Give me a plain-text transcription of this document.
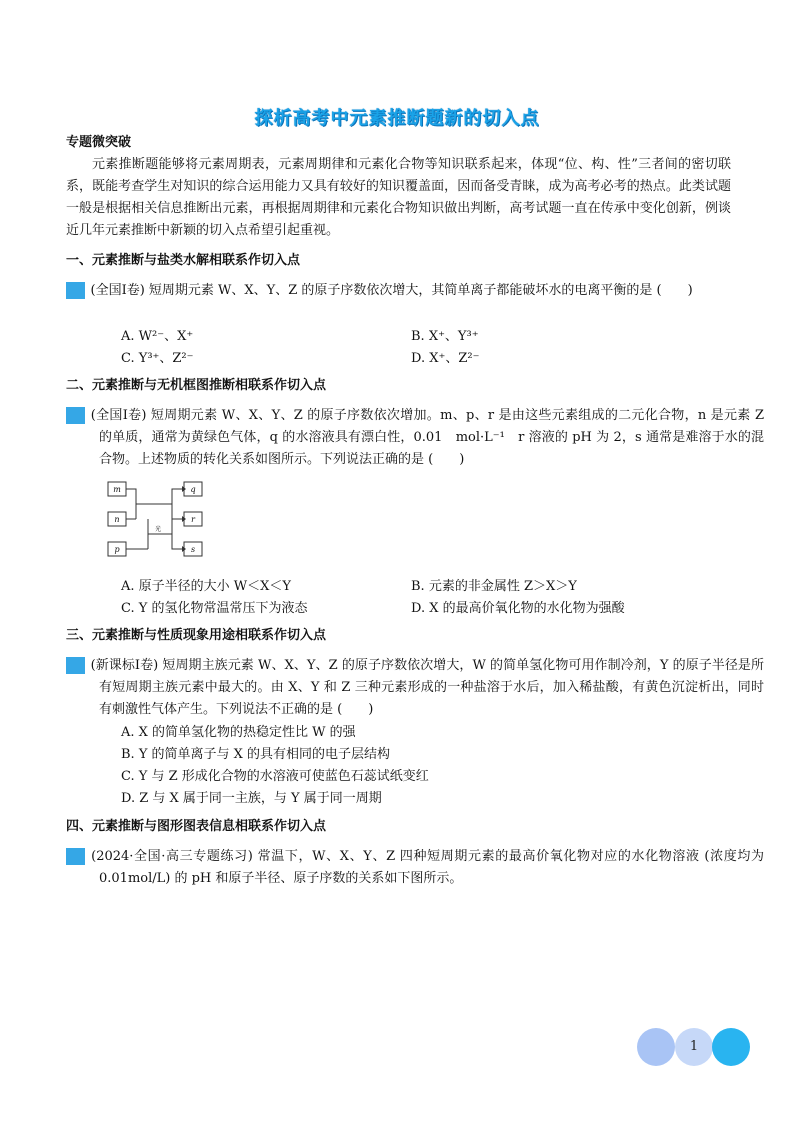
探析高考中元素推断题新的切入点
专题微突破
元素推断题能够将元素周期表，元素周期律和元素化合物等知识联系起来，体现“位、构、性”三者间的密切联系，既能考查学生对知识的综合运用能力又具有较好的知识覆盖面，因而备受青睐，成为高考必考的热点。此类试题一般是根据相关信息推断出元素，再根据周期律和元素化合物知识做出判断，高考试题一直在传承中变化创新，例谈近几年元素推断中新颖的切入点希望引起重视。
一、元素推断与盐类水解相联系作切入点
例 1 (全国Ⅰ卷) 短周期元素 W、X、Y、Z 的原子序数依次增大，其简单离子都能破坏水的电离平衡的是 (　　)
A. W²⁻、X⁺	B. X⁺、Y³⁺
C. Y³⁺、Z²⁻	D. X⁺、Z²⁻
二、元素推断与无机框图推断相联系作切入点
例 2 (全国Ⅰ卷) 短周期元素 W、X、Y、Z 的原子序数依次增加。m、p、r 是由这些元素组成的二元化合物，n 是元素 Z 的单质，通常为黄绿色气体，q 的水溶液具有漂白性，0.01　mol·L⁻¹　r 溶液的 pH 为 2，s 通常是难溶于水的混合物。上述物质的转化关系如图所示。下列说法正确的是 (　　)
m
n
p
q
r
s
光
A. 原子半径的大小 W＜X＜Y	B. 元素的非金属性 Z＞X＞Y
C. Y 的氢化物常温常压下为液态	D. X 的最高价氧化物的水化物为强酸
三、元素推断与性质现象用途相联系作切入点
例 3 (新课标Ⅰ卷) 短周期主族元素 W、X、Y、Z 的原子序数依次增大，W 的简单氢化物可用作制冷剂，Y 的原子半径是所有短周期主族元素中最大的。由 X、Y 和 Z 三种元素形成的一种盐溶于水后，加入稀盐酸，有黄色沉淀析出，同时有刺激性气体产生。下列说法不正确的是 (　　)
A. X 的简单氢化物的热稳定性比 W 的强
B. Y 的简单离子与 X 的具有相同的电子层结构
C. Y 与 Z 形成化合物的水溶液可使蓝色石蕊试纸变红
D. Z 与 X 属于同一主族，与 Y 属于同一周期
四、元素推断与图形图表信息相联系作切入点
例 4 (2024·全国·高三专题练习) 常温下，W、X、Y、Z 四种短周期元素的最高价氧化物对应的水化物溶液 (浓度均为 0.01mol/L) 的 pH 和原子半径、原子序数的关系如下图所示。
1
